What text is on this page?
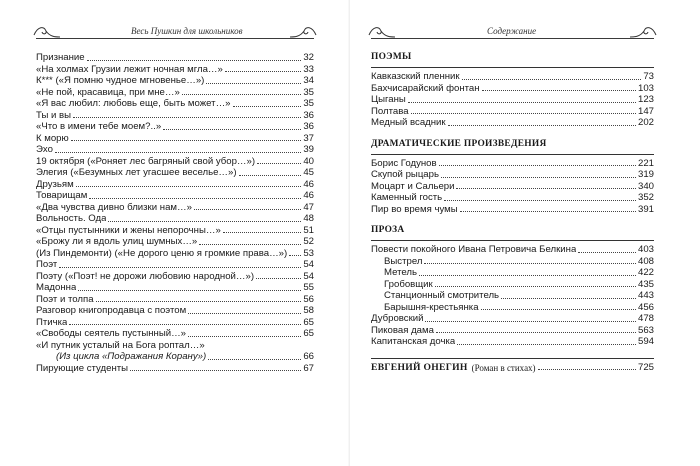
Весь Пушкин для школьников
Признание	32
«На холмах Грузии лежит ночная мгла…»	33
К*** («Я помню чудное мгновенье…»)	34
«Не пой, красавица, при мне…»	35
«Я вас любил: любовь еще, быть может…»	35
Ты и вы	36
«Что в имени тебе моем?..»	36
К морю	37
Эхо	39
19 октября («Роняет лес багряный свой убор…»)	40
Элегия («Безумных лет угасшее веселье…»)	45
Друзьям	46
Товарищам	46
«Два чувства дивно близки нам…»	47
Вольность. Ода	48
«Отцы пустынники и жены непорочны…»	51
«Брожу ли я вдоль улиц шумных…»	52
(Из Пиндемонти) («Не дорого ценю я громкие права…») 53
Поэт	54
Поэту («Поэт! не дорожи любовию народной…»)	54
Мадонна	55
Поэт и толпа	56
Разговор книгопродавца с поэтом	58
Птичка	65
«Свободы сеятель пустынный…»	65
«И путник усталый на Бога роптал…»
(Из цикла «Подражания Корану»)	66
Пирующие студенты	67
Содержание
ПОЭМЫ
Кавказский пленник	73
Бахчисарайский фонтан	103
Цыганы	123
Полтава	147
Медный всадник	202
ДРАМАТИЧЕСКИЕ ПРОИЗВЕДЕНИЯ
Борис Годунов	221
Скупой рыцарь	319
Моцарт и Сальери	340
Каменный гость	352
Пир во время чумы	391
ПРОЗА
Повести покойного Ивана Петровича Белкина	403
Выстрел	408
Метель	422
Гробовщик	435
Станционный смотритель	443
Барышня-крестьянка	456
Дубровский	478
Пиковая дама	563
Капитанская дочка	594
ЕВГЕНИЙ ОНЕГИН (Роман в стихах)	725
